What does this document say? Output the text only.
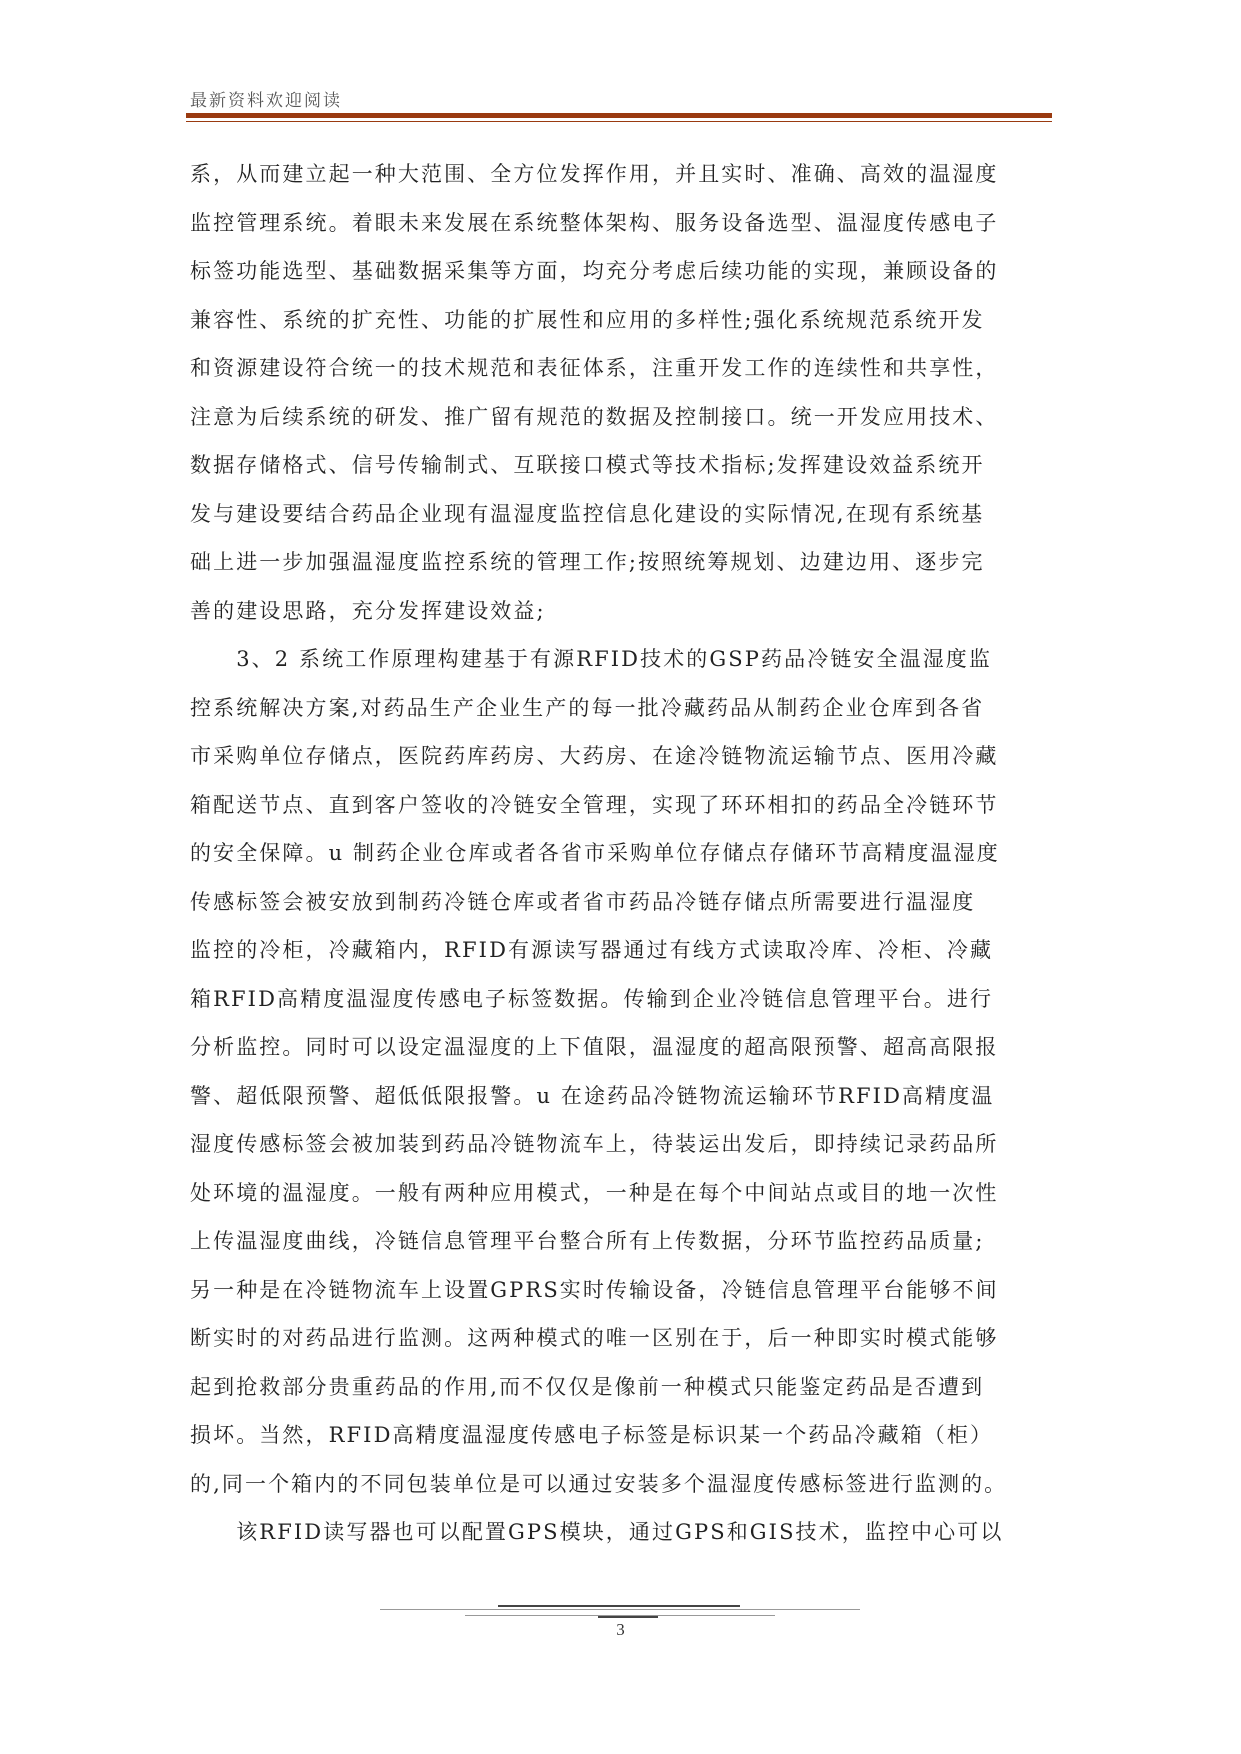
最新资料欢迎阅读
系，从而建立起一种大范围、全方位发挥作用，并且实时、准确、高效的温湿度
监控管理系统。着眼未来发展在系统整体架构、服务设备选型、温湿度传感电子
标签功能选型、基础数据采集等方面，均充分考虑后续功能的实现，兼顾设备的
兼容性、系统的扩充性、功能的扩展性和应用的多样性;强化系统规范系统开发
和资源建设符合统一的技术规范和表征体系，注重开发工作的连续性和共享性，
注意为后续系统的研发、推广留有规范的数据及控制接口。统一开发应用技术、
数据存储格式、信号传输制式、互联接口模式等技术指标;发挥建设效益系统开
发与建设要结合药品企业现有温湿度监控信息化建设的实际情况,在现有系统基
础上进一步加强温湿度监控系统的管理工作;按照统筹规划、边建边用、逐步完
善的建设思路，充分发挥建设效益;
　　3、2 系统工作原理构建基于有源RFID技术的GSP药品冷链安全温湿度监
控系统解决方案,对药品生产企业生产的每一批冷藏药品从制药企业仓库到各省
市采购单位存储点，医院药库药房、大药房、在途冷链物流运输节点、医用冷藏
箱配送节点、直到客户签收的冷链安全管理，实现了环环相扣的药品全冷链环节
的安全保障。u 制药企业仓库或者各省市采购单位存储点存储环节高精度温湿度
传感标签会被安放到制药冷链仓库或者省市药品冷链存储点所需要进行温湿度
监控的冷柜，冷藏箱内，RFID有源读写器通过有线方式读取冷库、冷柜、冷藏
箱RFID高精度温湿度传感电子标签数据。传输到企业冷链信息管理平台。进行
分析监控。同时可以设定温湿度的上下值限，温湿度的超高限预警、超高高限报
警、超低限预警、超低低限报警。u 在途药品冷链物流运输环节RFID高精度温
湿度传感标签会被加装到药品冷链物流车上，待装运出发后，即持续记录药品所
处环境的温湿度。一般有两种应用模式，一种是在每个中间站点或目的地一次性
上传温湿度曲线，冷链信息管理平台整合所有上传数据，分环节监控药品质量;
另一种是在冷链物流车上设置GPRS实时传输设备，冷链信息管理平台能够不间
断实时的对药品进行监测。这两种模式的唯一区别在于，后一种即实时模式能够
起到抢救部分贵重药品的作用,而不仅仅是像前一种模式只能鉴定药品是否遭到
损坏。当然，RFID高精度温湿度传感电子标签是标识某一个药品冷藏箱（柜）
的,同一个箱内的不同包装单位是可以通过安装多个温湿度传感标签进行监测的。
　　该RFID读写器也可以配置GPS模块，通过GPS和GIS技术，监控中心可以
3
